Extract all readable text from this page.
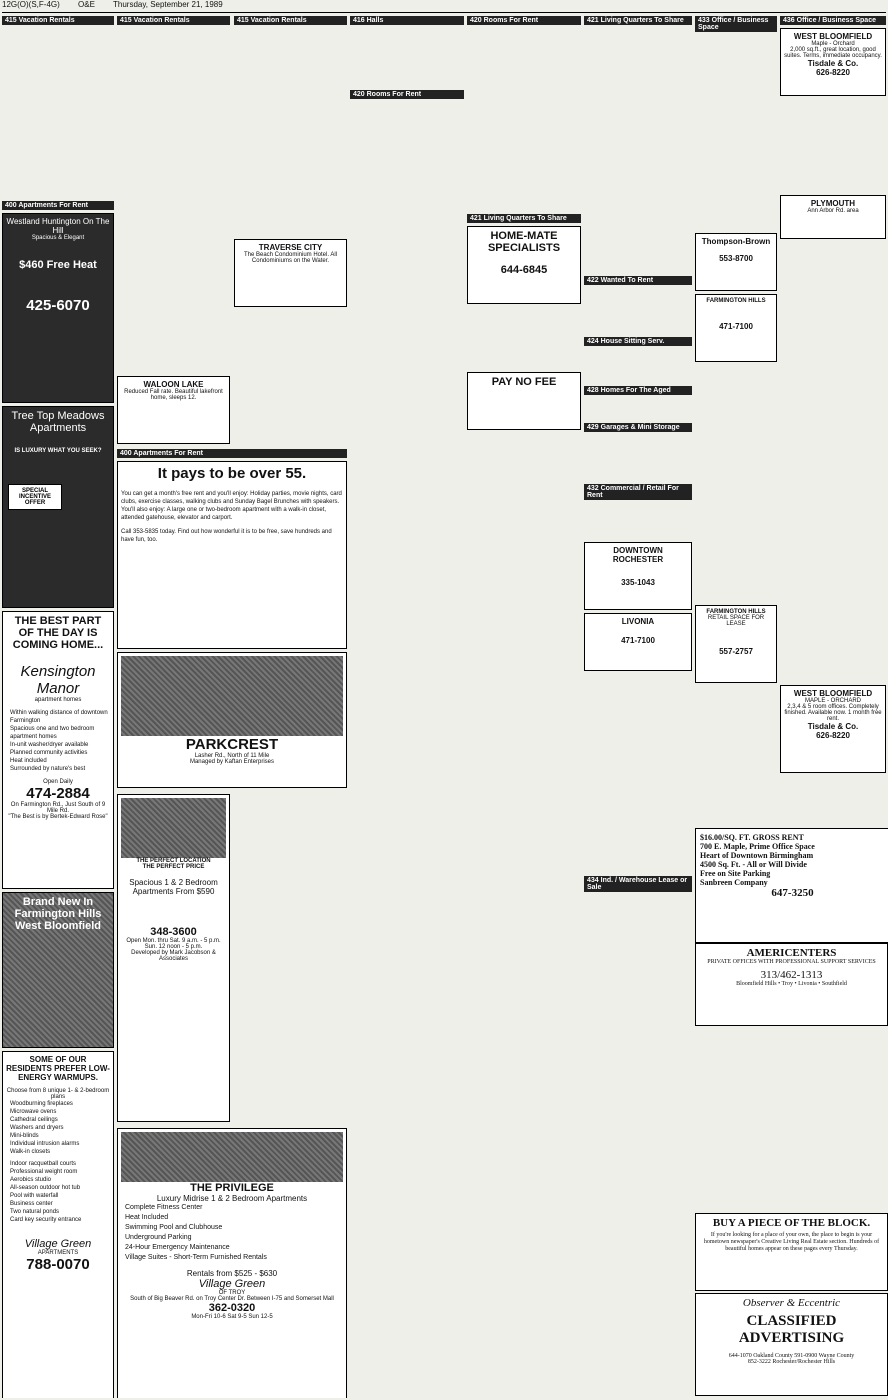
12G(O)(S,F-4G) O&E Thursday, September 21, 1989
415 Vacation Rentals
400 Apartments For Rent
Westland Huntington On The Hill
Spacious & Elegant
$460 Free Heat
425-6070
Tree Top Meadows Apartments
IS LUXURY WHAT YOU SEEK?
SPECIAL INCENTIVE OFFER
THE BEST PART OF THE DAY IS COMING HOME...
Kensington Manor
apartment homes
Within walking distance of downtown Farmington
Spacious one and two bedroom apartment homes
In-unit washer/dryer available
Planned community activities
Heat included
Surrounded by nature's best
Open Daily
474-2884
On Farmington Rd., Just South of 9 Mile Rd.
"The Best is by Bertek-Edward Rose"
Brand New In Farmington Hills West Bloomfield
SOME OF OUR RESIDENTS PREFER LOW-ENERGY WARMUPS.
Choose from 8 unique 1- & 2-bedroom plans
Woodburning fireplaces
Microwave ovens
Cathedral ceilings
Washers and dryers
Mini-blinds
Individual intrusion alarms
Walk-in closets
Indoor racquetball courts
Professional weight room
Aerobics studio
All-season outdoor hot tub
Pool with waterfall
Business center
Two natural ponds
Card key security entrance
Village Green
APARTMENTS
788-0070
415 Vacation Rentals
WALOON LAKE
Reduced Fall rate. Beautiful lakefront home, sleeps 12.
415 Vacation Rentals
TRAVERSE CITY
The Beach Condominium Hotel. All Condominiums on the Water.
400 Apartments For Rent
It pays to be over 55.
You can get a month's free rent and you'll enjoy: Holiday parties, movie nights, card clubs, exercise classes, walking clubs and Sunday Bagel Brunches with speakers. You'll also enjoy: A large one or two-bedroom apartment with a walk-in closet, attended gatehouse, elevator and carport.
Call 353-5835 today. Find out how wonderful it is to be free, save hundreds and have fun, too.
PARKCREST
Lasher Rd., North of 11 Mile
Managed by Kaftan Enterprises
THE PERFECT LOCATION
THE PERFECT PRICE
Spacious 1 & 2 Bedroom Apartments From $590
348-3600
Open Mon. thru Sat. 9 a.m. - 5 p.m.
Sun. 12 noon - 5 p.m.
Developed by Mark Jacobson & Associates
THE PRIVILEGE
Luxury Midrise 1 & 2 Bedroom Apartments
Complete Fitness Center
Heat Included
Swimming Pool and Clubhouse
Underground Parking
24-Hour Emergency Maintenance
Village Suites - Short-Term Furnished Rentals
Rentals from $525 - $630
Village Green
OF TROY
South of Big Beaver Rd. on Troy Center Dr. Between I-75 and Somerset Mall
362-0320
Mon-Fri 10-6 Sat 9-5 Sun 12-5
416 Halls
420 Rooms For Rent
420 Rooms For Rent
421 Living Quarters To Share
HOME-MATE SPECIALISTS
644-6845
PAY NO FEE
421 Living Quarters To Share
422 Wanted To Rent
424 House Sitting Serv.
428 Homes For The Aged
429 Garages & Mini Storage
432 Commercial / Retail For Rent
DOWNTOWN ROCHESTER
335-1043
LIVONIA
471-7100
434 Ind. / Warehouse Lease or Sale
433 Office / Business Space
FARMINGTON HILLS
RETAIL SPACE FOR LEASE
557-2757
436 Office / Business Space
WEST BLOOMFIELD
Maple - Orchard
2,000 sq.ft., great location, good suites. Terms, immediate occupancy.
Tisdale & Co.
626-8220
PLYMOUTH
Ann Arbor Rd. area
WEST BLOOMFIELD
MAPLE - ORCHARD
2,3,4 & 5 room offices. Completely finished. Available now. 1 month free rent.
Tisdale & Co.
626-8220
Thompson-Brown
553-8700
FARMINGTON HILLS
471-7100
$16.00/SQ. FT. GROSS RENT
700 E. Maple, Prime Office Space
Heart of Downtown Birmingham
4500 Sq. Ft. - All or Will Divide
Free on Site Parking
Sanbreen Company
647-3250
AMERICENTERS
PRIVATE OFFICES WITH PROFESSIONAL SUPPORT SERVICES
313/462-1313
Bloomfield Hills • Troy • Livonia • Southfield
BUY A PIECE OF THE BLOCK.
If you're looking for a place of your own, the place to begin is your hometown newspaper's Creative Living Real Estate section. Hundreds of beautiful homes appear on these pages every Thursday.
Observer & Eccentric
CLASSIFIED ADVERTISING
644-1070 Oakland County 591-0900 Wayne County
852-3222 Rochester/Rochester Hills
